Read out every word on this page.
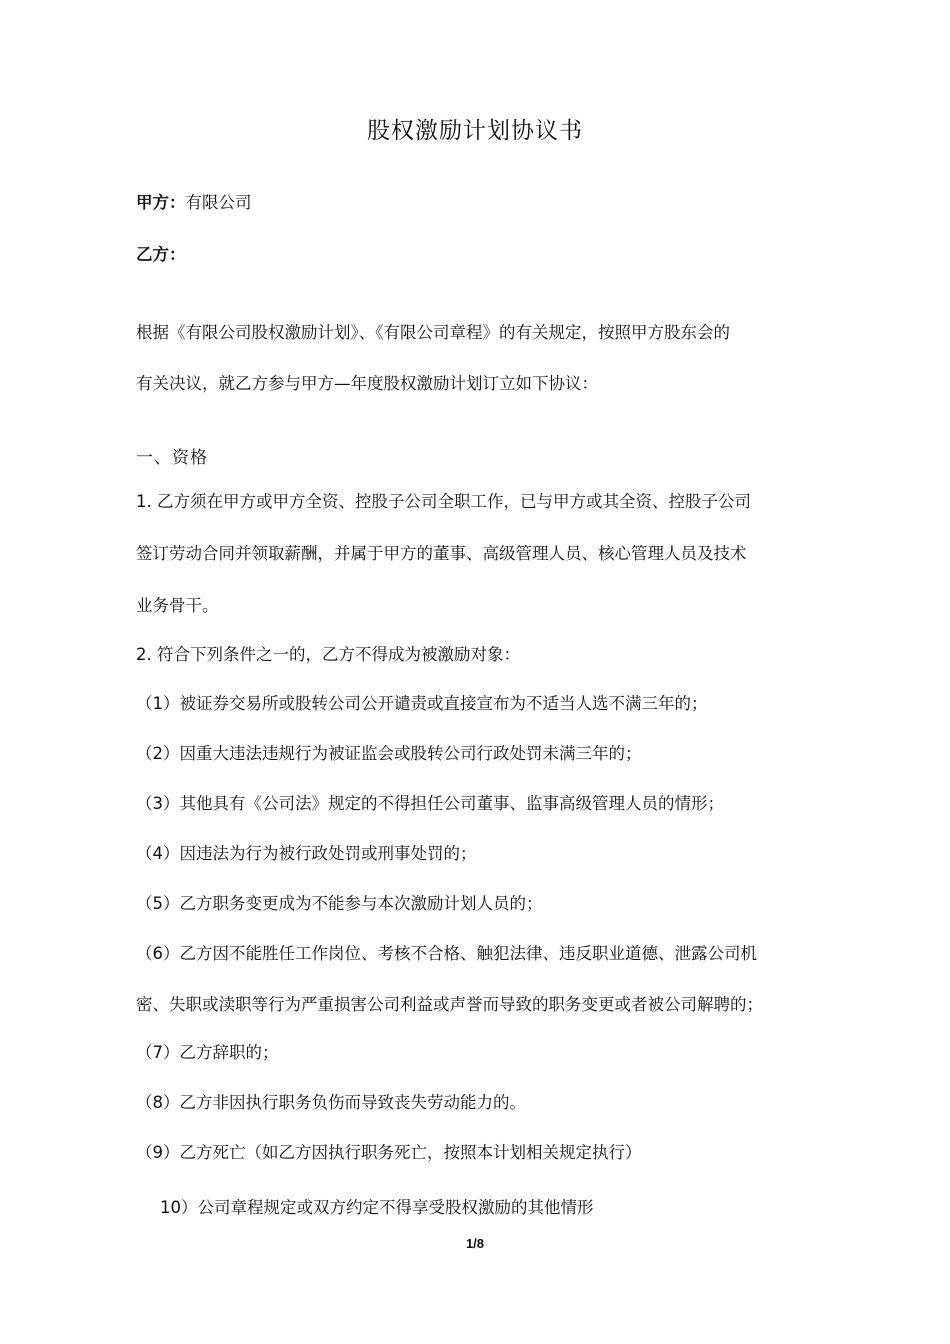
股权激励计划协议书
甲方：有限公司
乙方：
根据《有限公司股权激励计划》、《有限公司章程》的有关规定，按照甲方股东会的
有关决议，就乙方参与甲方—年度股权激励计划订立如下协议：
一、资格
1. 乙方须在甲方或甲方全资、控股子公司全职工作，已与甲方或其全资、控股子公司
签订劳动合同并领取薪酬，并属于甲方的董事、高级管理人员、核心管理人员及技术
业务骨干。
2. 符合下列条件之一的，乙方不得成为被激励对象：
（1）被证券交易所或股转公司公开谴责或直接宣布为不适当人选不满三年的；
（2）因重大违法违规行为被证监会或股转公司行政处罚未满三年的；
（3）其他具有《公司法》规定的不得担任公司董事、监事高级管理人员的情形；
（4）因违法为行为被行政处罚或刑事处罚的；
（5）乙方职务变更成为不能参与本次激励计划人员的；
（6）乙方因不能胜任工作岗位、考核不合格、触犯法律、违反职业道德、泄露公司机
密、失职或渎职等行为严重损害公司利益或声誉而导致的职务变更或者被公司解聘的；
（7）乙方辞职的；
（8）乙方非因执行职务负伤而导致丧失劳动能力的。
（9）乙方死亡（如乙方因执行职务死亡，按照本计划相关规定执行）
10）公司章程规定或双方约定不得享受股权激励的其他情形
1/8
